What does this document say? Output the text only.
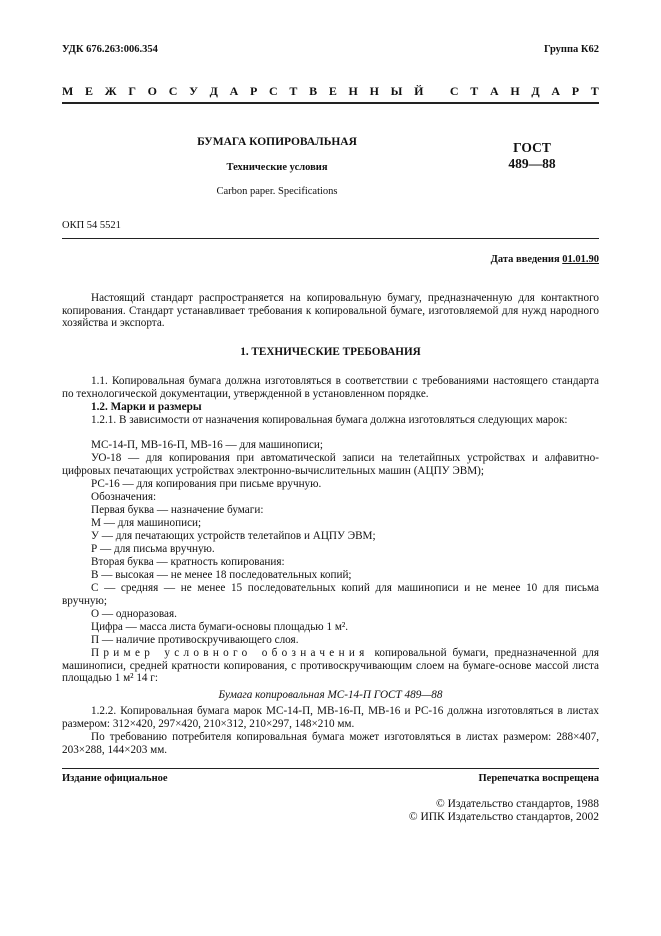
УДК 676.263:006.354	Группа К62
М Е Ж Г О С У Д А Р С Т В Е Н Н Ы Й
С Т А Н Д А Р Т
БУМАГА КОПИРОВАЛЬНАЯ
Технические условия
Carbon paper. Specifications
ГОСТ
489—88
ОКП 54 5521
Дата введения 01.01.90
Настоящий стандарт распространяется на копировальную бумагу, предназначенную для контактного копирования. Стандарт устанавливает требования к копировальной бумаге, изготовляемой для нужд народного хозяйства и экспорта.
1. ТЕХНИЧЕСКИЕ ТРЕБОВАНИЯ
1.1. Копировальная бумага должна изготовляться в соответствии с требованиями настоящего стандарта по технологической документации, утвержденной в установленном порядке.
1.2. Марки и размеры
1.2.1. В зависимости от назначения копировальная бумага должна изготовляться следующих марок:
МС-14-П, МВ-16-П, МВ-16 — для машинописи;
УО-18 — для копирования при автоматической записи на телетайпных устройствах и алфавитно-цифровых печатающих устройствах электронно-вычислительных машин (АЦПУ ЭВМ);
РС-16 — для копирования при письме вручную.
Обозначения:
Первая буква — назначение бумаги:
М — для машинописи;
У — для печатающих устройств телетайпов и АЦПУ ЭВМ;
Р — для письма вручную.
Вторая буква — кратность копирования:
В — высокая — не менее 18 последовательных копий;
С — средняя — не менее 15 последовательных копий для машинописи и не менее 10 для письма вручную;
О — одноразовая.
Цифра — масса листа бумаги-основы площадью 1 м².
П — наличие противоскручивающего слоя.
Пример условного обозначения копировальной бумаги, предназначенной для машинописи, средней кратности копирования, с противоскручивающим слоем на бумаге-основе массой листа площадью 1 м² 14 г:
Бумага копировальная МС-14-П ГОСТ 489—88
1.2.2. Копировальная бумага марок МС-14-П, МВ-16-П, МВ-16 и РС-16 должна изготовляться в листах размером: 312×420, 297×420, 210×312, 210×297, 148×210 мм.
По требованию потребителя копировальная бумага может изготовляться в листах размером: 288×407, 203×288, 144×203 мм.
Издание официальное	Перепечатка воспрещена
© Издательство стандартов, 1988
© ИПК Издательство стандартов, 2002
